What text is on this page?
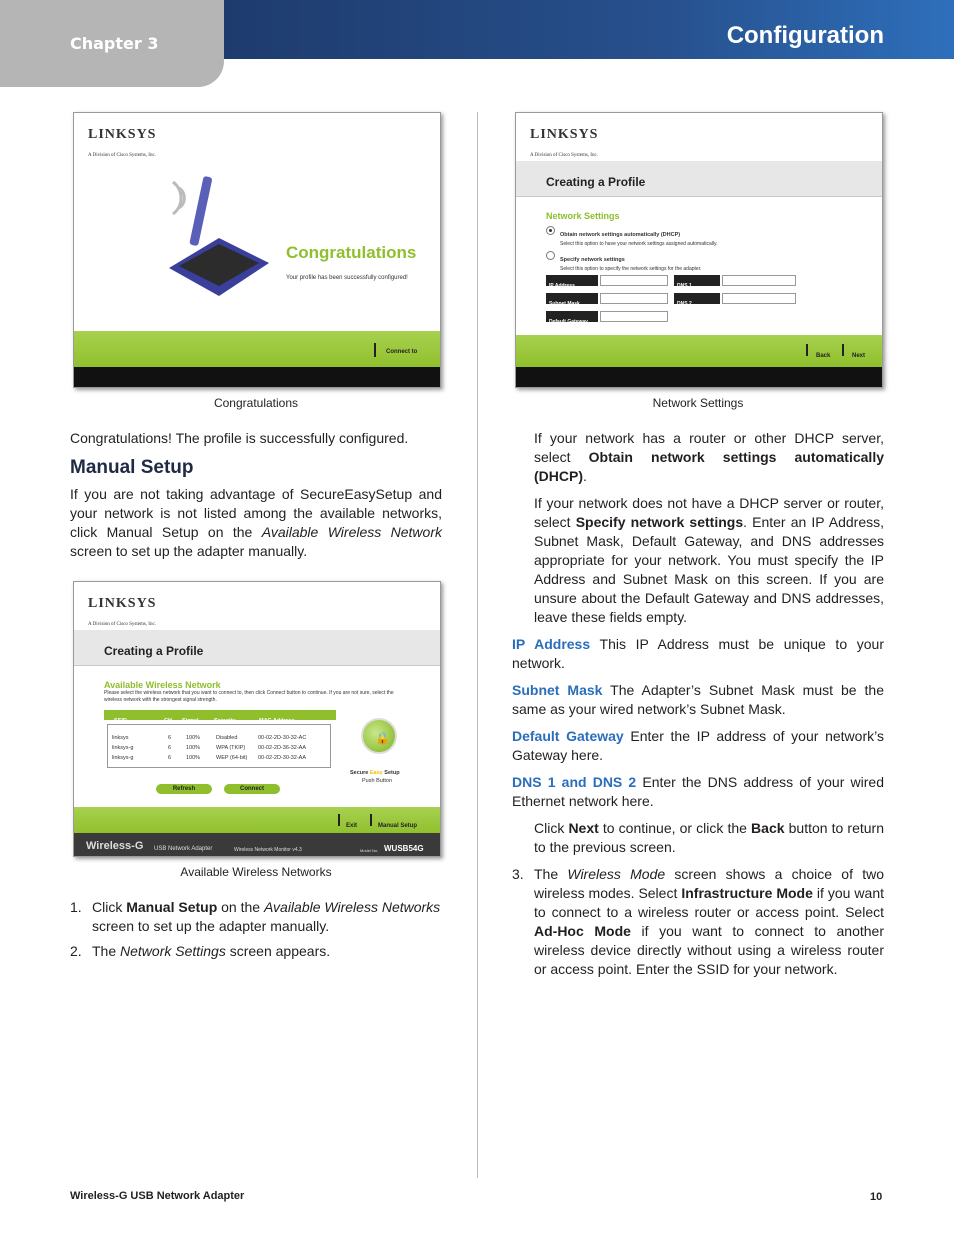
Chapter 3	Configuration
LINKSYS
A Division of Cisco Systems, Inc.
Congratulations
Your profile has been successfully configured!
Connect to
Congratulations

Congratulations! The profile is successfully configured.

Manual Setup

If you are not taking advantage of SecureEasySetup and your network is not listed among the available networks, click Manual Setup on the Available Wireless Network screen to set up the adapter manually.

LINKSYS
A Division of Cisco Systems, Inc.
Creating a Profile
Available Wireless Network
Please select the wireless network that you want to connect to, then click Connect button to continue. If you are not sure, select the wireless network with the strongest signal strength.
SSID	CH Signal	Security	MAC Address
linksys	6	100%	Disabled	00-02-2D-30-32-AC
linksys-g	6	100%	WPA (TKIP) 00-02-2D-36-32-AA
linksys-g	6	100%	WEP (64-bit) 00-02-2D-30-32-AA
🔒
Secure Easy Setup
Push Button
Refresh	Connect
Exit	Manual Setup
Wireless-G USB Network Adapter	Wireless Network Monitor v4.3	Model No. WUSB54G
Available Wireless Networks
1. Click Manual Setup on the Available Wireless Networks screen to set up the adapter manually.
2. The Network Settings screen appears.
LINKSYS
A Division of Cisco Systems, Inc.
Creating a Profile
Network Settings
Obtain network settings automatically (DHCP)
Select this option to have your network settings assigned automatically.
Specify network settings
Select this option to specify the network settings for the adapter.
IP Address
Subnet Mask
Default Gateway
DNS 1
DNS 2
Back	Next
Network Settings

If your network has a router or other DHCP server, select Obtain network settings automatically (DHCP).

If your network does not have a DHCP server or router, select Specify network settings. Enter an IP Address, Subnet Mask, Default Gateway, and DNS addresses appropriate for your network. You must specify the IP Address and Subnet Mask on this screen. If you are unsure about the Default Gateway and DNS addresses, leave these fields empty.

IP Address This IP Address must be unique to your network.

Subnet Mask The Adapter’s Subnet Mask must be the same as your wired network’s Subnet Mask.

Default Gateway Enter the IP address of your network’s Gateway here.

DNS 1 and DNS 2 Enter the DNS address of your wired Ethernet network here.

Click Next to continue, or click the Back button to return to the previous screen.

3. The Wireless Mode screen shows a choice of two wireless modes. Select Infrastructure Mode if you want to connect to a wireless router or access point. Select Ad-Hoc Mode if you want to connect to another wireless device directly without using a wireless router or access point. Enter the SSID for your network.
Wireless-G USB Network Adapter	10
